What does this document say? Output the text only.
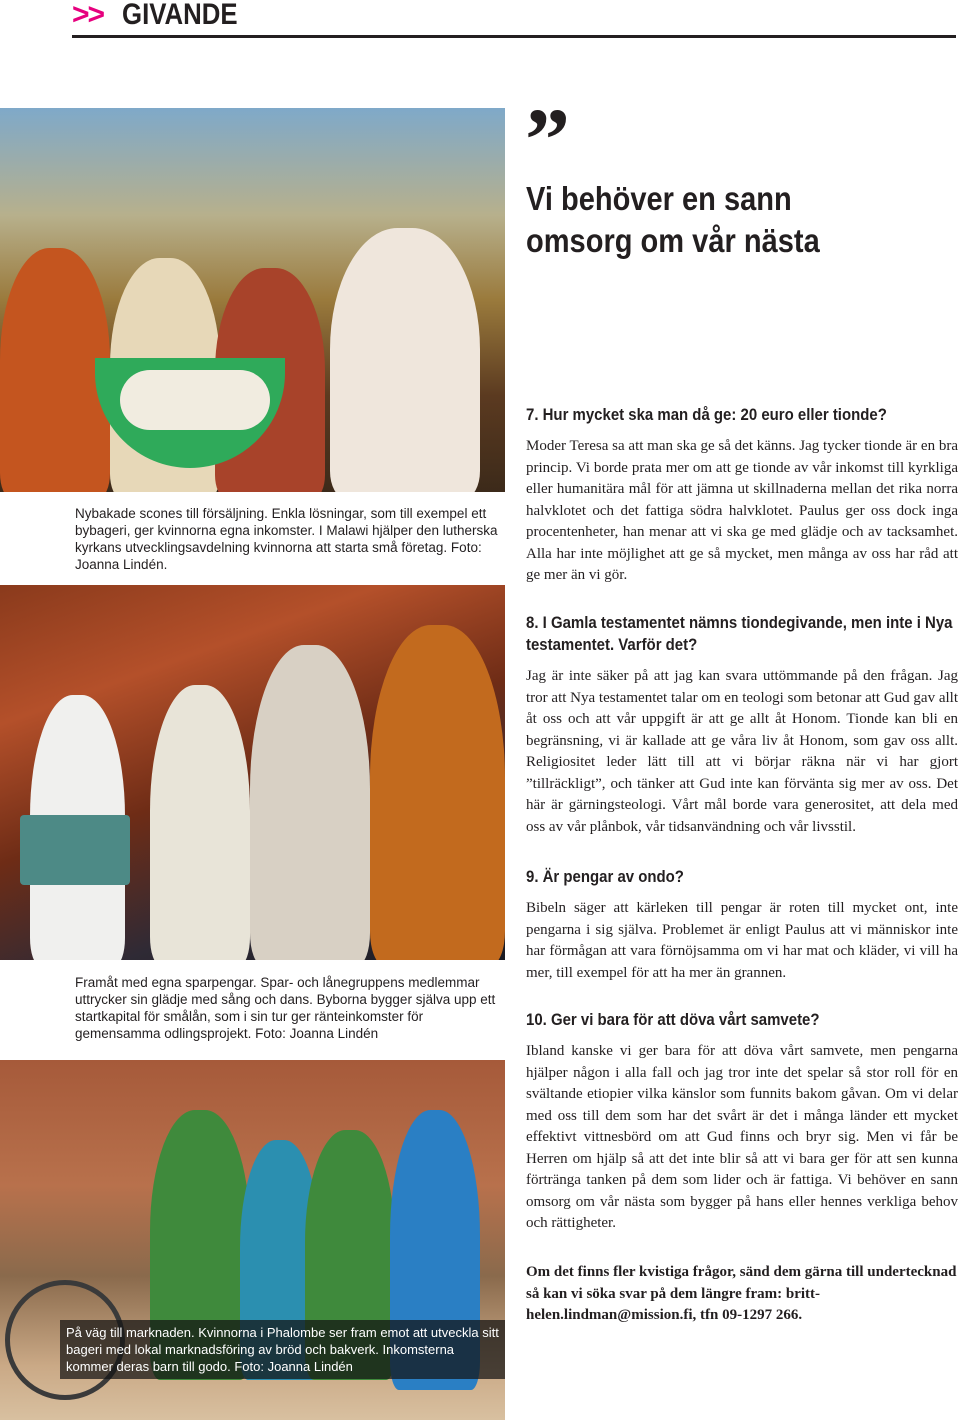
>> GIVANDE
Nybakade scones till försäljning. Enkla lösningar, som till exempel ett bybageri, ger kvinnorna egna inkomster. I Malawi hjälper den lutherska kyrkans utvecklingsavdelning kvinnorna att starta små företag. Foto: Joanna Lindén.
Framåt med egna sparpengar. Spar- och lånegruppens medlemmar uttrycker sin glädje med sång och dans. Byborna bygger själva upp ett startkapital för smålån, som i sin tur ger ränteinkomster för gemensamma odlingsprojekt. Foto: Joanna Lindén
På väg till marknaden. Kvinnorna i Phalombe ser fram emot att utveckla sitt bageri med lokal marknadsföring av bröd och bakverk. Inkomsterna kommer deras barn till godo. Foto: Joanna Lindén
”
Vi behöver en sann omsorg om vår nästa
7. Hur mycket ska man då ge: 20 euro eller tionde?

Moder Teresa sa att man ska ge så det känns. Jag tycker tionde är en bra princip. Vi borde prata mer om att ge tionde av vår inkomst till kyrkliga eller humanitära mål för att jämna ut skillnaderna mellan det rika norra halvklotet och det fattiga södra halvklotet. Paulus ger oss dock inga procentenheter, han menar att vi ska ge med glädje och av tacksamhet. Alla har inte möjlighet att ge så mycket, men många av oss har råd att ge mer än vi gör.

8. I Gamla testamentet nämns tiondegivande, men inte i Nya testamentet. Varför det?

Jag är inte säker på att jag kan svara uttömmande på den frågan. Jag tror att Nya testamentet talar om en teologi som betonar att Gud gav allt åt oss och att vår uppgift är att ge allt åt Honom. Tionde kan bli en begränsning, vi är kallade att ge våra liv åt Honom, som gav oss allt. Religiositet leder lätt till att vi börjar räkna när vi har gjort ”tillräckligt”, och tänker att Gud inte kan förvänta sig mer av oss. Det här är gärningsteologi. Vårt mål borde vara generositet, att dela med oss av vår plånbok, vår tidsanvändning och vår livsstil.

9. Är pengar av ondo?

Bibeln säger att kärleken till pengar är roten till mycket ont, inte pengarna i sig själva. Problemet är enligt Paulus att vi människor inte har förmågan att vara förnöjsamma om vi har mat och kläder, vi vill ha mer, till exempel för att ha mer än grannen.

10. Ger vi bara för att döva vårt samvete?

Ibland kanske vi ger bara för att döva vårt samvete, men pengarna hjälper någon i alla fall och jag tror inte det spelar så stor roll för en svältande etiopier vilka känslor som funnits bakom gåvan. Om vi delar med oss till dem som har det svårt är det i många länder ett mycket effektivt vittnesbörd om att Gud finns och bryr sig. Men vi får be Herren om hjälp så att det inte blir så att vi bara ger för att sen kunna förtränga tanken på dem som lider och är fattiga. Vi behöver en sann omsorg om vår nästa som bygger på hans eller hennes verkliga behov och rättigheter.

Om det finns fler kvistiga frågor, sänd dem gärna till undertecknad så kan vi söka svar på dem längre fram: britt-helen.lindman@mission.fi, tfn 09-1297 266.
